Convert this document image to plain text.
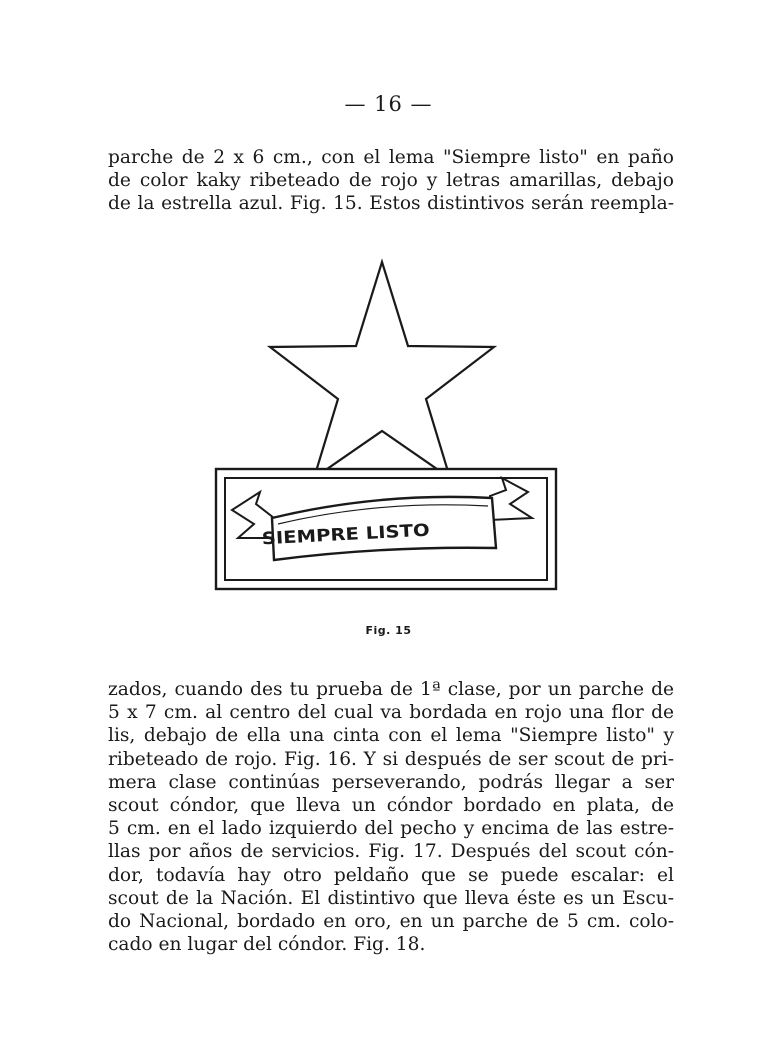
— 16 —
parche de 2 x 6 cm., con el lema "Siempre listo" en paño
de color kaky ribeteado de rojo y letras amarillas, debajo
de la estrella azul. Fig. 15. Estos distintivos serán reempla-
SIEMPRE LISTO
Fig. 15
zados, cuando des tu prueba de 1ª clase, por un parche de
5 x 7 cm. al centro del cual va bordada en rojo una flor de
lis, debajo de ella una cinta con el lema "Siempre listo" y
ribeteado de rojo. Fig. 16. Y si después de ser scout de pri-
mera clase continúas perseverando, podrás llegar a ser
scout cóndor, que lleva un cóndor bordado en plata, de
5 cm. en el lado izquierdo del pecho y encima de las estre-
llas por años de servicios. Fig. 17. Después del scout cón-
dor, todavía hay otro peldaño que se puede escalar: el
scout de la Nación. El distintivo que lleva éste es un Escu-
do Nacional, bordado en oro, en un parche de 5 cm. colo-
cado en lugar del cóndor. Fig. 18.
